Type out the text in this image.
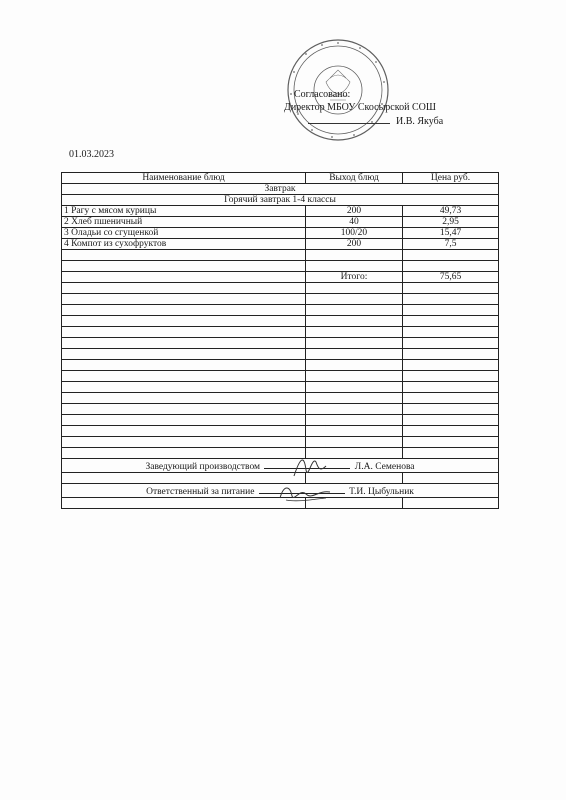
Согласовано:
Директор МБОУ Скосырской СОШ
И.В. Якуба
01.03.2023
Наименование блюд	Выход блюд	Цена руб.
Завтрак		
Горячий завтрак 1-4 классы		
1 Рагу с мясом курицы	200	49,73
2 Хлеб пшеничный	40	2,95
3 Оладьи со сгущенкой	100/20	15,47
4 Компот из сухофруктов	200	7,5

	Итого:	75,65

Заведующий производством Л.А. Семенова		

Ответственный за питание Т.И. Цыбульник		
